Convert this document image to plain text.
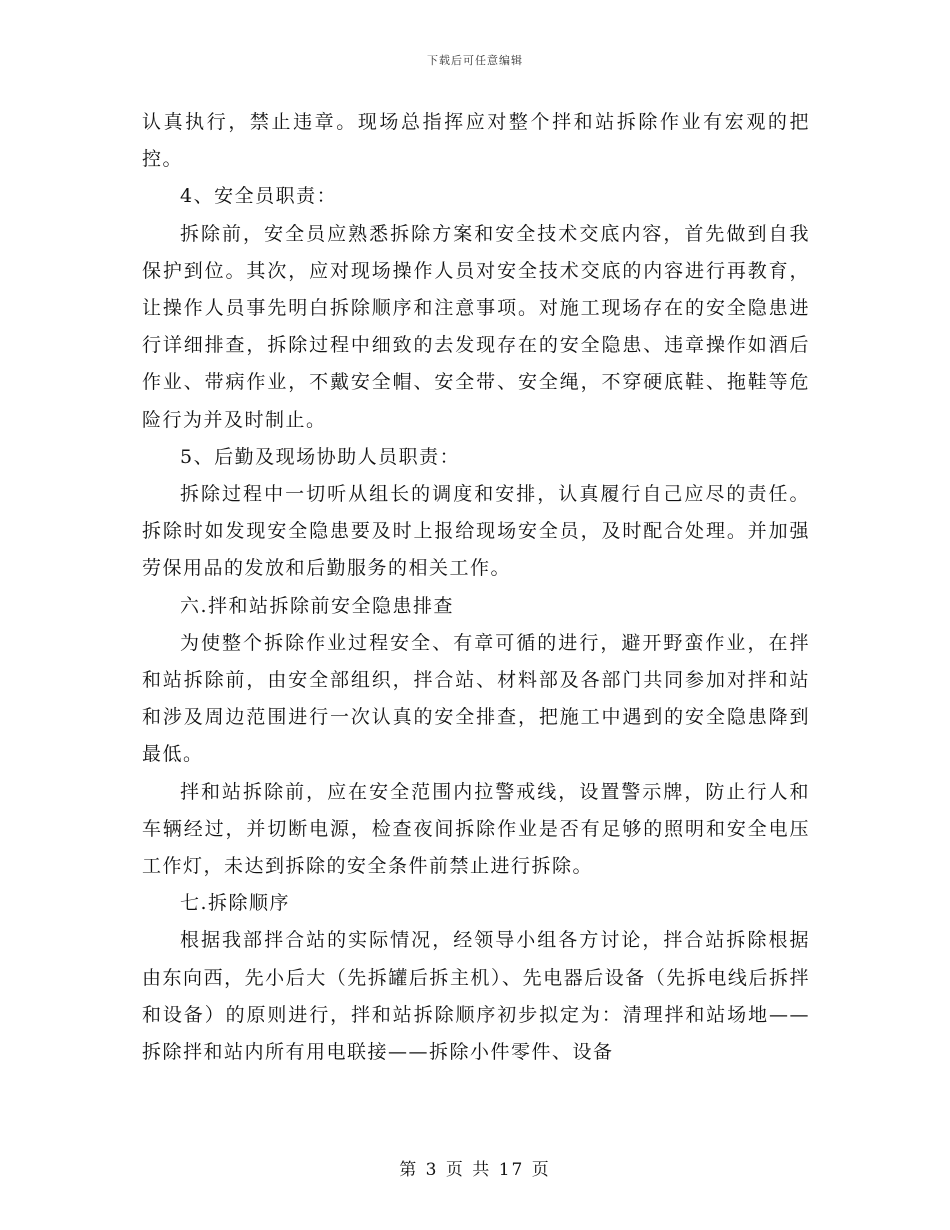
下载后可任意编辑

认真执行，禁止违章。现场总指挥应对整个拌和站拆除作业有宏观的把控。

4、安全员职责：

拆除前，安全员应熟悉拆除方案和安全技术交底内容，首先做到自我保护到位。其次，应对现场操作人员对安全技术交底的内容进行再教育，让操作人员事先明白拆除顺序和注意事项。对施工现场存在的安全隐患进行详细排查，拆除过程中细致的去发现存在的安全隐患、违章操作如酒后作业、带病作业，不戴安全帽、安全带、安全绳，不穿硬底鞋、拖鞋等危险行为并及时制止。

5、后勤及现场协助人员职责：

拆除过程中一切听从组长的调度和安排，认真履行自己应尽的责任。拆除时如发现安全隐患要及时上报给现场安全员，及时配合处理。并加强劳保用品的发放和后勤服务的相关工作。

六.拌和站拆除前安全隐患排查

为使整个拆除作业过程安全、有章可循的进行，避开野蛮作业，在拌和站拆除前，由安全部组织，拌合站、材料部及各部门共同参加对拌和站和涉及周边范围进行一次认真的安全排查，把施工中遇到的安全隐患降到最低。

拌和站拆除前，应在安全范围内拉警戒线，设置警示牌，防止行人和车辆经过，并切断电源，检查夜间拆除作业是否有足够的照明和安全电压工作灯，未达到拆除的安全条件前禁止进行拆除。

七.拆除顺序

根据我部拌合站的实际情况，经领导小组各方讨论，拌合站拆除根据由东向西，先小后大（先拆罐后拆主机）、先电器后设备（先拆电线后拆拌和设备）的原则进行，拌和站拆除顺序初步拟定为：清理拌和站场地——拆除拌和站内所有用电联接——拆除小件零件、设备

第 3 页 共 17 页
